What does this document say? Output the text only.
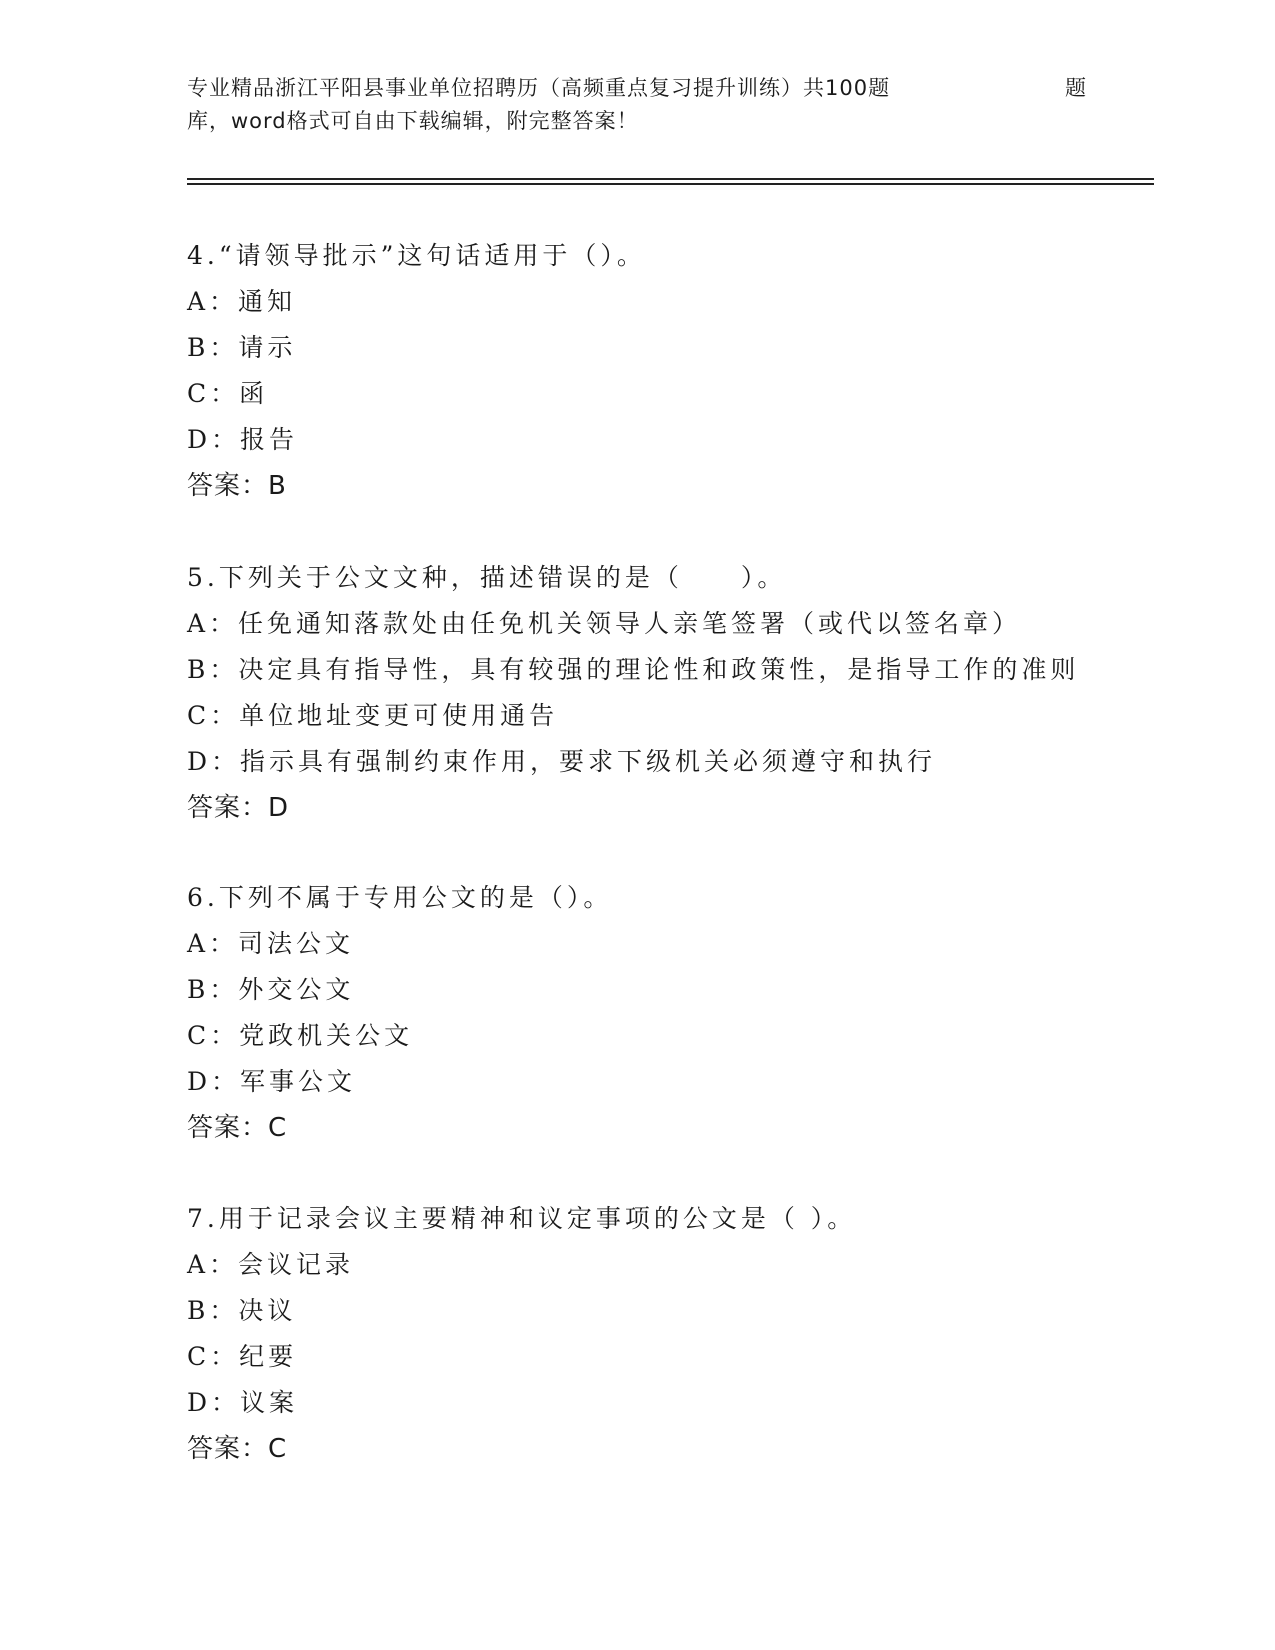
专业精品浙江平阳县事业单位招聘历（高频重点复习提升训练）共100题	题
库，word格式可自由下载编辑，附完整答案！
4.“请领导批示”这句话适用于（）。
A：通知
B：请示
C：函
D：报告
答案：B
5.下列关于公文文种，描述错误的是（　　）。
A：任免通知落款处由任免机关领导人亲笔签署（或代以签名章）
B：决定具有指导性，具有较强的理论性和政策性，是指导工作的准则
C：单位地址变更可使用通告
D：指示具有强制约束作用，要求下级机关必须遵守和执行
答案：D
6.下列不属于专用公文的是（）。
A：司法公文
B：外交公文
C：党政机关公文
D：军事公文
答案：C
7.用于记录会议主要精神和议定事项的公文是（ ）。
A：会议记录
B：决议
C：纪要
D：议案
答案：C
